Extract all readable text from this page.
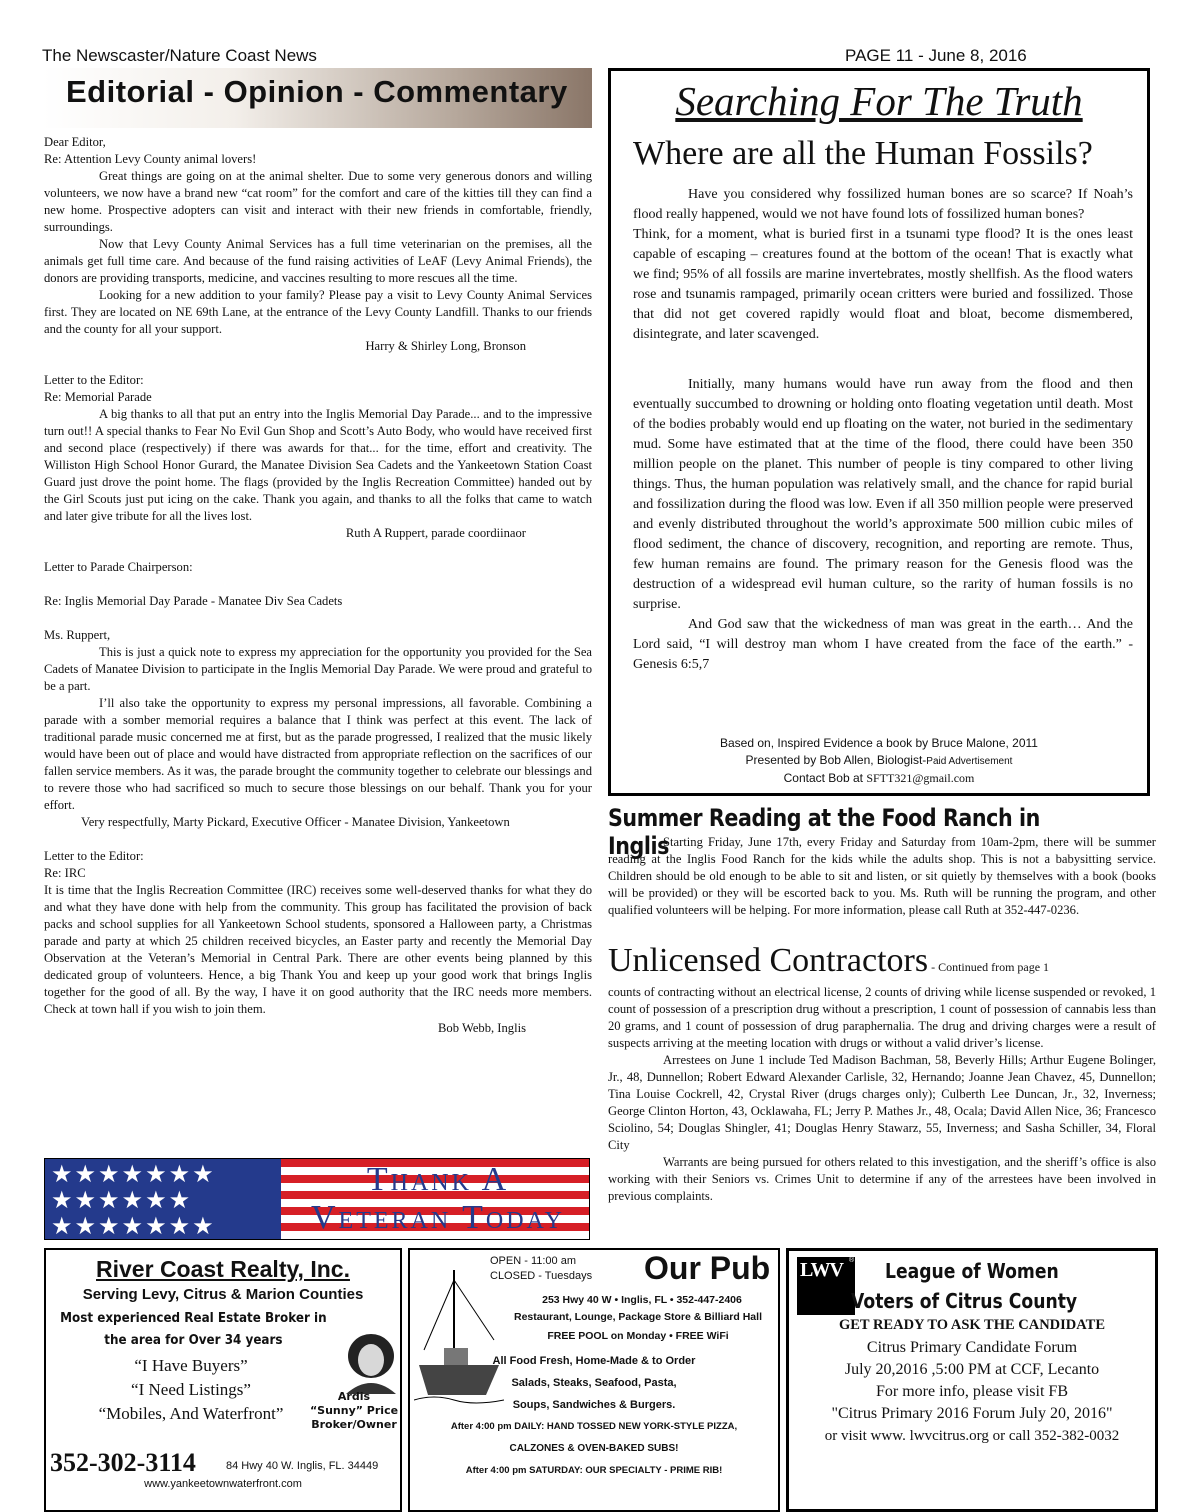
The Newscaster/Nature Coast News	PAGE 11 - June 8, 2016
Editorial - Opinion - Commentary

Dear Editor,

Re: Attention Levy County animal lovers!

Great things are going on at the animal shelter. Due to some very generous donors and willing volunteers, we now have a brand new “cat room” for the comfort and care of the kitties till they can find a new home. Prospective adopters can visit and interact with their new friends in comfortable, friendly, surroundings.

Now that Levy County Animal Services has a full time veterinarian on the premises, all the animals get full time care. And because of the fund raising activities of LeAF (Levy Animal Friends), the donors are providing transports, medicine, and vaccines resulting to more rescues all the time.

Looking for a new addition to your family? Please pay a visit to Levy County Animal Services first. They are located on NE 69th Lane, at the entrance of the Levy County Landfill. Thanks to our friends and the county for all your support.

Harry & Shirley Long, Bronson

Letter to the Editor:

Re: Memorial Parade

A big thanks to all that put an entry into the Inglis Memorial Day Parade... and to the impressive turn out!! A special thanks to Fear No Evil Gun Shop and Scott’s Auto Body, who would have received first and second place (respectively) if there was awards for that... for the time, effort and creativity. The Williston High School Honor Gurard, the Manatee Division Sea Cadets and the Yankeetown Station Coast Guard just drove the point home. The flags (provided by the Inglis Recreation Committee) handed out by the Girl Scouts just put icing on the cake. Thank you again, and thanks to all the folks that came to watch and later give tribute for all the lives lost.

Ruth A Ruppert, parade coordiinaor

Letter to Parade Chairperson:

Re: Inglis Memorial Day Parade - Manatee Div Sea Cadets

Ms. Ruppert,

This is just a quick note to express my appreciation for the opportunity you provided for the Sea Cadets of Manatee Division to participate in the Inglis Memorial Day Parade. We were proud and grateful to be a part.

I’ll also take the opportunity to express my personal impressions, all favorable. Combining a parade with a somber memorial requires a balance that I think was perfect at this event. The lack of traditional parade music concerned me at first, but as the parade progressed, I realized that the music likely would have been out of place and would have distracted from appropriate reflection on the sacrifices of our fallen service members. As it was, the parade brought the community together to celebrate our blessings and to revere those who had sacrificed so much to secure those blessings on our behalf. Thank you for your effort.

Very respectfully, Marty Pickard, Executive Officer - Manatee Division, Yankeetown

Letter to the Editor:

Re: IRC

It is time that the Inglis Recreation Committee (IRC) receives some well-deserved thanks for what they do and what they have done with help from the community. This group has facilitated the provision of back packs and school supplies for all Yankeetown School students, sponsored a Halloween party, a Christmas parade and party at which 25 children received bicycles, an Easter party and recently the Memorial Day Observation at the Veteran’s Memorial in Central Park. There are other events being planned by this dedicated group of volunteers. Hence, a big Thank You and keep up your good work that brings Inglis together for the good of all. By the way, I have it on good authority that the IRC needs more members. Check at town hall if you wish to join them.

Bob Webb, Inglis

★★★★★★★
★★★★★★
★★★★★★★
Thank A
Veteran Today
Searching For The Truth
Where are all the Human Fossils?

Have you considered why fossilized human bones are so scarce? If Noah’s flood really happened, would we not have found lots of fossilized human bones?

Think, for a moment, what is buried first in a tsunami type flood? It is the ones least capable of escaping – creatures found at the bottom of the ocean! That is exactly what we find; 95% of all fossils are marine invertebrates, mostly shellfish. As the flood waters rose and tsunamis rampaged, primarily ocean critters were buried and fossilized. Those that did not get covered rapidly would float and bloat, become dismembered, disintegrate, and later scavenged.

Initially, many humans would have run away from the flood and then eventually succumbed to drowning or holding onto floating vegetation until death. Most of the bodies probably would end up floating on the water, not buried in the sedimentary mud. Some have estimated that at the time of the flood, there could have been 350 million people on the planet. This number of people is tiny compared to other living things. Thus, the human population was relatively small, and the chance for rapid burial and fossilization during the flood was low. Even if all 350 million people were preserved and evenly distributed throughout the world’s approximate 500 million cubic miles of flood sediment, the chance of discovery, recognition, and reporting are remote. Thus, few human remains are found. The primary reason for the Genesis flood was the destruction of a widespread evil human culture, so the rarity of human fossils is no surprise.

And God saw that the wickedness of man was great in the earth… And the Lord said, “I will destroy man whom I have created from the face of the earth.” - Genesis 6:5,7

Based on, Inspired Evidence a book by Bruce Malone, 2011
Presented by Bob Allen, Biologist-Paid Advertisement
Contact Bob at SFTT321@gmail.com
Summer Reading at the Food Ranch in Inglis

Starting Friday, June 17th, every Friday and Saturday from 10am-2pm, there will be summer reading at the Inglis Food Ranch for the kids while the adults shop. This is not a babysitting service. Children should be old enough to be able to sit and listen, or sit quietly by themselves with a book (books will be provided) or they will be escorted back to you. Ms. Ruth will be running the program, and other qualified volunteers will be helping. For more information, please call Ruth at 352-447-0236.

Unlicensed Contractors - Continued from page 1

counts of contracting without an electrical license, 2 counts of driving while license suspended or revoked, 1 count of possession of a prescription drug without a prescription, 1 count of possession of cannabis less than 20 grams, and 1 count of possession of drug paraphernalia. The drug and driving charges were a result of suspects arriving at the meeting location with drugs or without a valid driver’s license.

Arrestees on June 1 include Ted Madison Bachman, 58, Beverly Hills; Arthur Eugene Bolinger, Jr., 48, Dunnellon; Robert Edward Alexander Carlisle, 32, Hernando; Joanne Jean Chavez, 45, Dunnellon; Tina Louise Cockrell, 42, Crystal River (drugs charges only); Culberth Lee Duncan, Jr., 32, Inverness; George Clinton Horton, 43, Ocklawaha, FL; Jerry P. Mathes Jr., 48, Ocala; David Allen Nice, 36; Francesco Sciolino, 54; Douglas Shingler, 41; Douglas Henry Stawarz, 55, Inverness; and Sasha Schiller, 34, Floral City

Warrants are being pursued for others related to this investigation, and the sheriff’s office is also working with their Seniors vs. Crimes Unit to determine if any of the arrestees have been involved in previous complaints.

River Coast Realty, Inc.
Serving Levy, Citrus & Marion Counties
Most experienced Real Estate Broker in
the area for Over 34 years
“I Have Buyers”
“I Need Listings”
“Mobiles, And Waterfront”
Ardis
“Sunny” Price
Broker/Owner
352-302-3114	84 Hwy 40 W. Inglis, FL. 34449
www.yankeetownwaterfront.com
OPEN - 11:00 am
CLOSED - Tuesdays Our Pub
253 Hwy 40 W • Inglis, FL • 352-447-2406
Restaurant, Lounge, Package Store & Billiard Hall
FREE POOL on Monday • FREE WiFi
All Food Fresh, Home-Made & to Order
Salads, Steaks, Seafood, Pasta,
Soups, Sandwiches & Burgers.
After 4:00 pm DAILY: HAND TOSSED NEW YORK-STYLE PIZZA,
CALZONES & OVEN-BAKED SUBS!
After 4:00 pm SATURDAY: OUR SPECIALTY - PRIME RIB!
LWV ® League of Women
Voters of Citrus County
GET READY TO ASK THE CANDIDATE
Citrus Primary Candidate Forum
July 20,2016 ,5:00 PM at CCF, Lecanto
For more info, please visit FB
"Citrus Primary 2016 Forum July 20, 2016"
or visit www. lwvcitrus.org or call 352-382-0032
